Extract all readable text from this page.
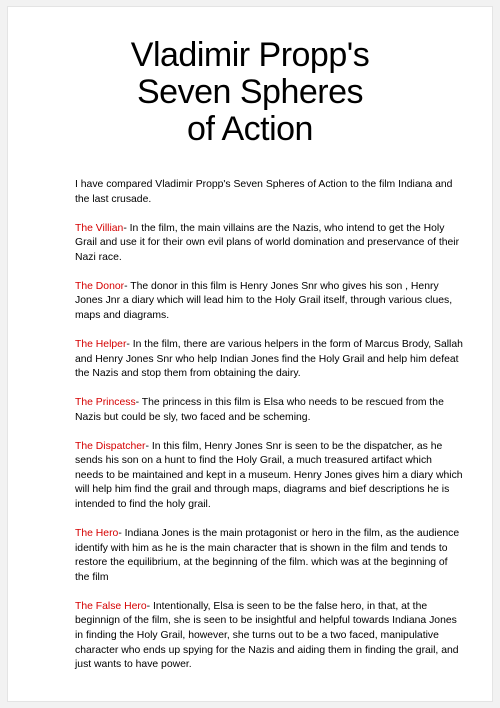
Vladimir Propp's
Seven Spheres
of Action

I have compared Vladimir Propp's Seven Spheres of Action to the film Indiana and the last crusade.

The Villian- In the film, the main villains are the Nazis, who intend to get the Holy Grail and use it for their own evil plans of world domination and preservance of their Nazi race.

The Donor- The donor in this film is Henry Jones Snr who gives his son , Henry Jones Jnr a diary which will lead him to the Holy Grail itself, through various clues, maps and diagrams.

The Helper- In the film, there are various helpers in the form of Marcus Brody, Sallah and Henry Jones Snr who help Indian Jones find the Holy Grail and help him defeat the Nazis and stop them from obtaining the dairy.

The Princess- The princess in this film is Elsa who needs to be rescued from the Nazis but could be sly, two faced and be scheming.

The Dispatcher- In this film, Henry Jones Snr is seen to be the dispatcher, as he sends his son on a hunt to find the Holy Grail, a much treasured artifact which needs to be maintained and kept in a museum. Henry Jones gives him a diary which will help him find the grail and through maps, diagrams and bief descriptions he is intended to find the holy grail.

The Hero- Indiana Jones is the main protagonist or hero in the film, as the audience identify with him as he is the main character that is shown in the film and tends to restore the equilibrium, at the beginning of the film. which was at the beginning of the film

The False Hero- Intentionally, Elsa is seen to be the false hero, in that, at the beginnign of the film, she is seen to be insightful and helpful towards Indiana Jones in finding the Holy Grail, however, she turns out to be a two faced, manipulative character who ends up spying for the Nazis and aiding them in finding the grail, and just wants to have power.
